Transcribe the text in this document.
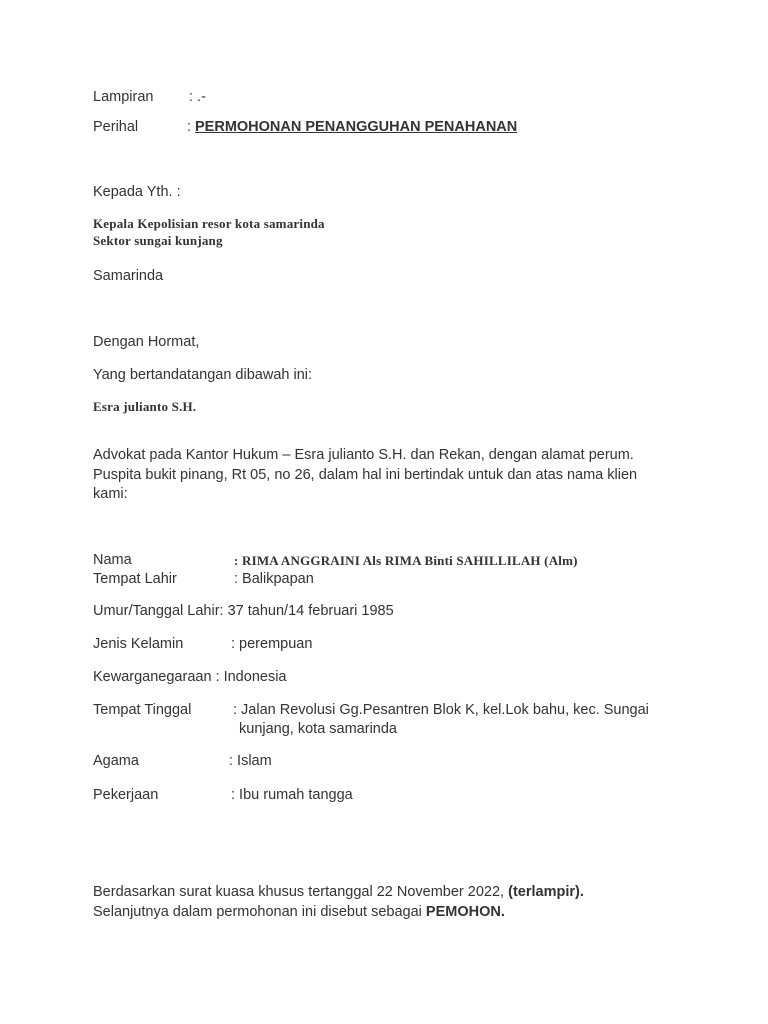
Lampiran : .-
Perihal	: PERMOHONAN PENANGGUHAN PENAHANAN
Kepada Yth. :
Kepala Kepolisian resor kota samarinda
Sektor sungai kunjang
Samarinda
Dengan Hormat,
Yang bertandatangan dibawah ini:
Esra julianto S.H.
Advokat pada Kantor Hukum – Esra julianto S.H. dan Rekan, dengan alamat perum. Puspita bukit pinang, Rt 05, no 26, dalam hal ini bertindak untuk dan atas nama klien kami:
Nama	: RIMA ANGGRAINI Als RIMA Binti SAHILLILAH (Alm)
Tempat Lahir	: Balikpapan
Umur/Tanggal Lahir: 37 tahun/14 februari 1985
Jenis Kelamin	: perempuan
Kewarganegaraan : Indonesia
Tempat Tinggal	: Jalan Revolusi Gg.Pesantren Blok K, kel.Lok bahu, kec. Sungai
kunjang, kota samarinda
Agama	: Islam
Pekerjaan	: Ibu rumah tangga
Berdasarkan surat kuasa khusus tertanggal 22 November 2022, (terlampir).
Selanjutnya dalam permohonan ini disebut sebagai PEMOHON.
